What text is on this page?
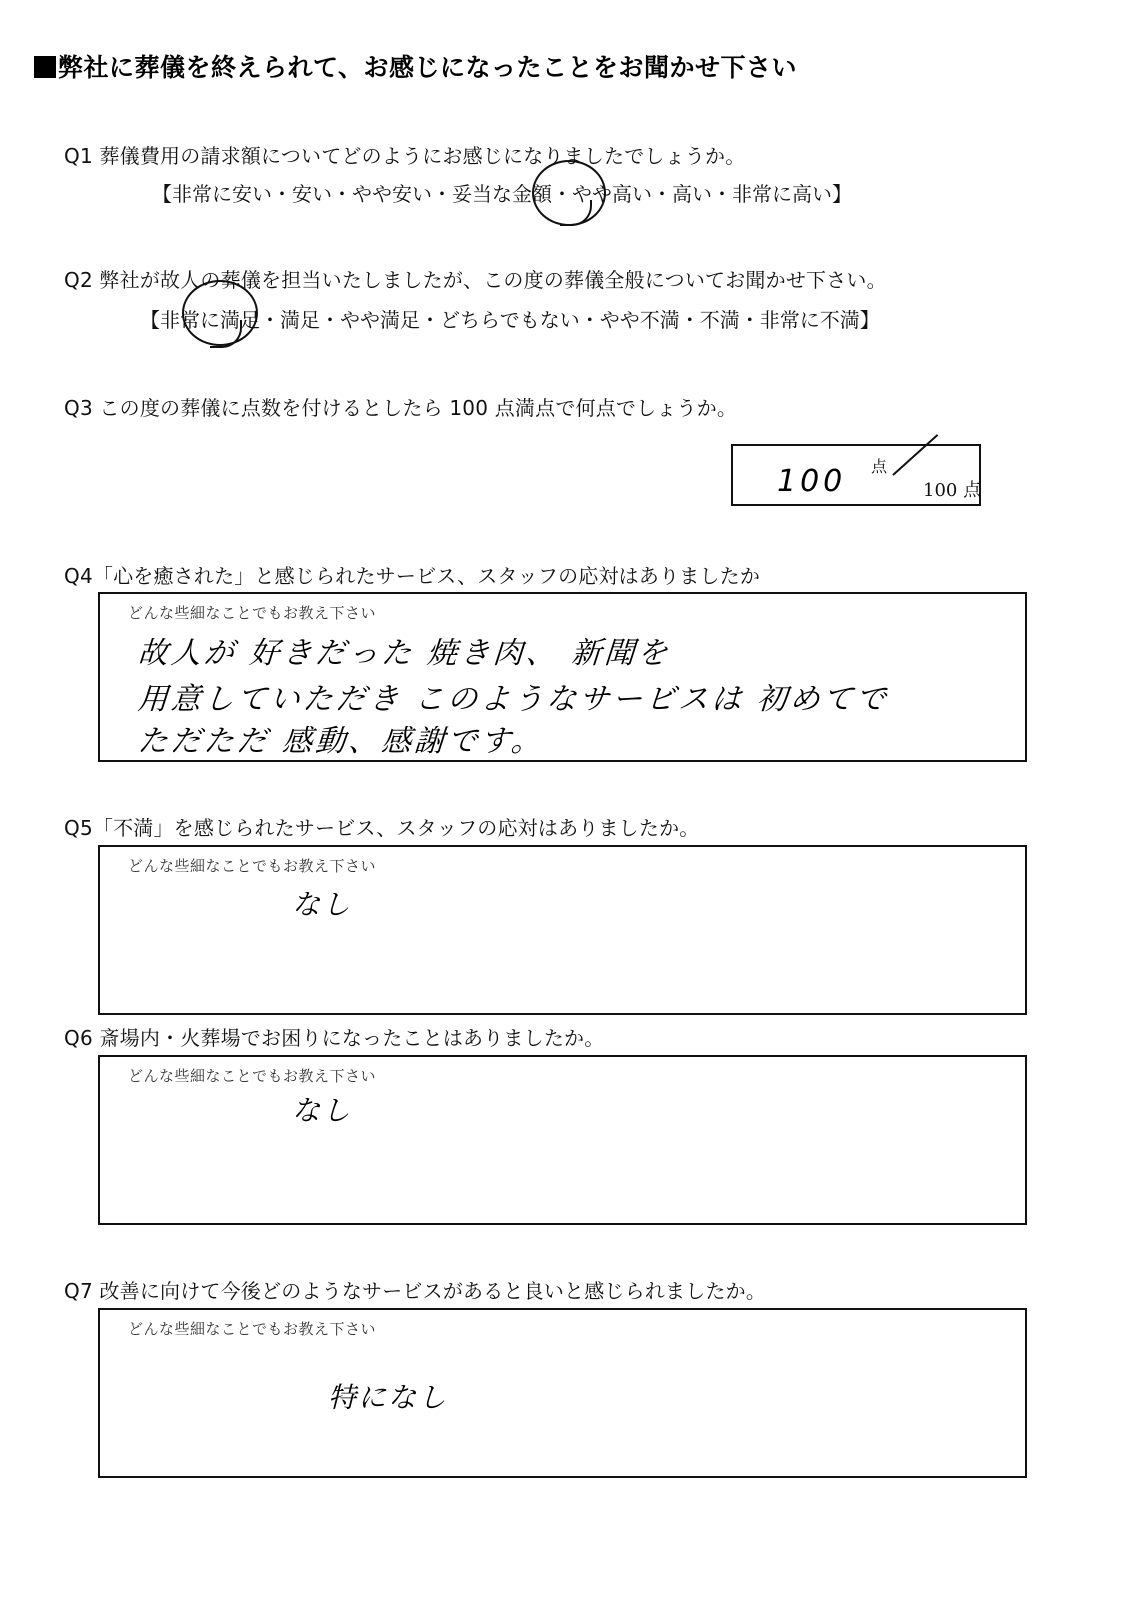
弊社に葬儀を終えられて、お感じになったことをお聞かせ下さい
Q1 葬儀費用の請求額についてどのようにお感じになりましたでしょうか。
【非常に安い・安い・やや安い・妥当な金額・やや高い・高い・非常に高い】
Q2 弊社が故人の葬儀を担当いたしましたが、この度の葬儀全般についてお聞かせ下さい。
【非常に満足・満足・やや満足・どちらでもない・やや不満・不満・非常に不満】
Q3 この度の葬儀に点数を付けるとしたら 100 点満点で何点でしょうか。
100 点
100 点
Q4「心を癒された」と感じられたサービス、スタッフの応対はありましたか
どんな些細なことでもお教え下さい
故人が 好きだった 焼き肉、 新聞を
用意していただき このようなサービスは 初めてで
ただただ 感動、感謝です。
Q5「不満」を感じられたサービス、スタッフの応対はありましたか。
どんな些細なことでもお教え下さい
なし
Q6 斎場内・火葬場でお困りになったことはありましたか。
どんな些細なことでもお教え下さい
なし
Q7 改善に向けて今後どのようなサービスがあると良いと感じられましたか。
どんな些細なことでもお教え下さい
特になし
